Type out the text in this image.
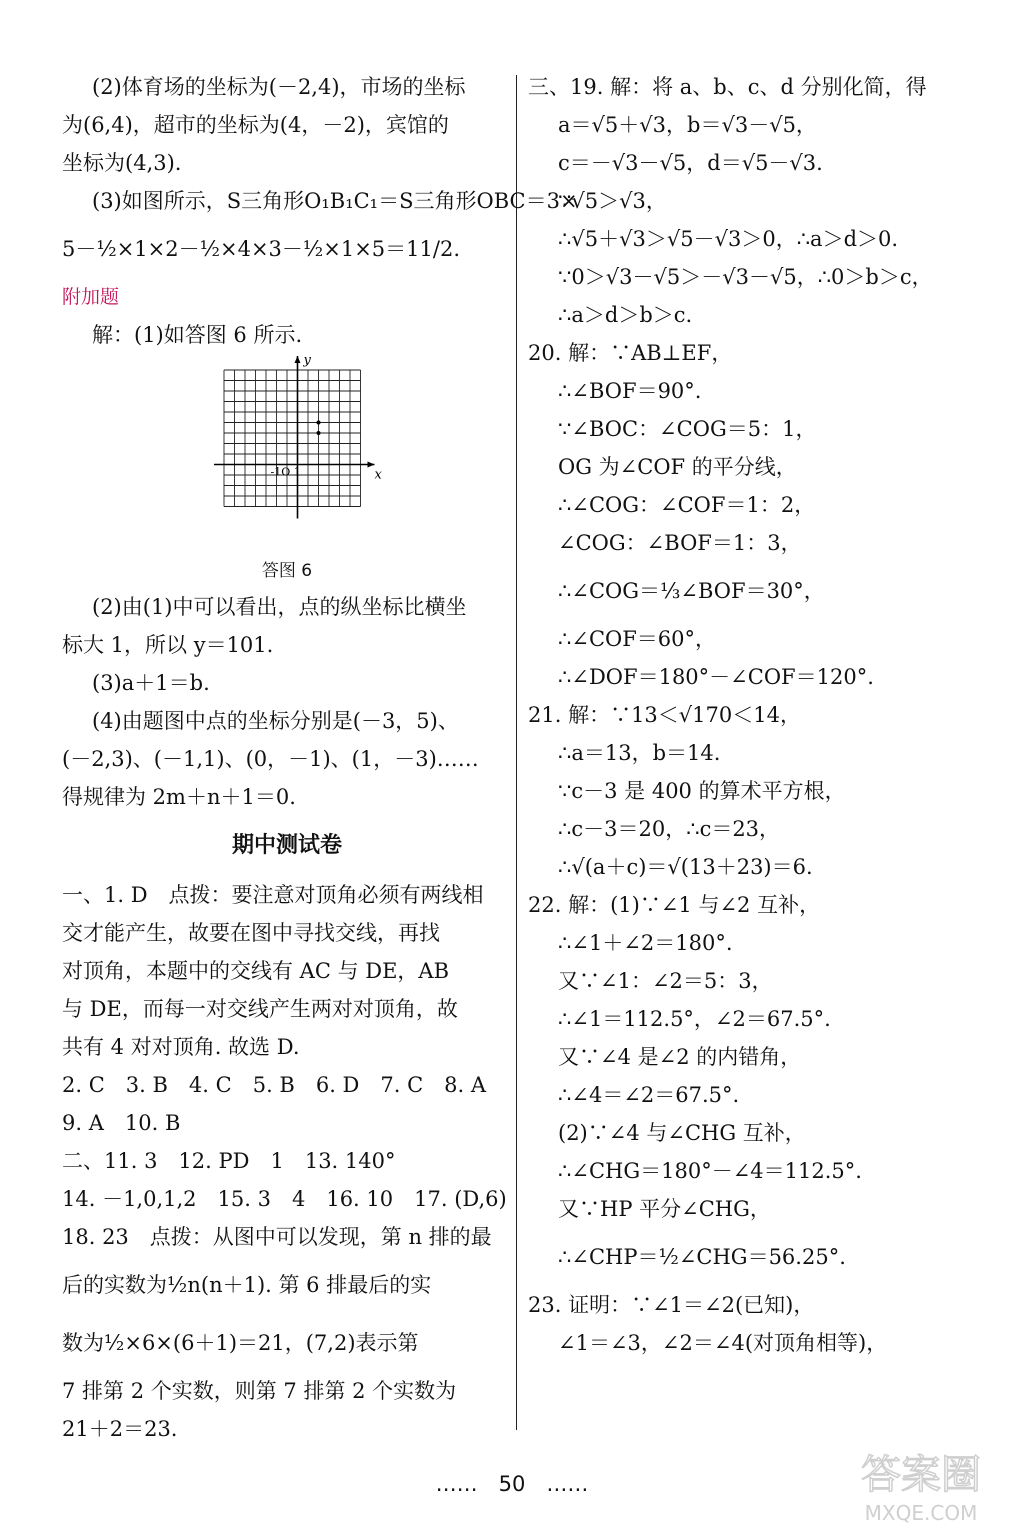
(2)体育场的坐标为(－2,4)，市场的坐标
为(6,4)，超市的坐标为(4，－2)，宾馆的
坐标为(4,3).
(3)如图所示，S三角形O₁B₁C₁＝S三角形OBC＝3×
5－½×1×2－½×4×3－½×1×5＝11/2.
附加题
解：(1)如答图 6 所示.
x
y
-1O 1
答图 6
(2)由(1)中可以看出，点的纵坐标比横坐
标大 1，所以 y＝101.
(3)a＋1＝b.
(4)由题图中点的坐标分别是(－3，5)、
(－2,3)、(－1,1)、(0，－1)、(1，－3)……
得规律为 2m＋n＋1＝0.
期中测试卷
一、1. D　点拨：要注意对顶角必须有两线相
交才能产生，故要在图中寻找交线，再找
对顶角，本题中的交线有 AC 与 DE，AB
与 DE，而每一对交线产生两对对顶角，故
共有 4 对对顶角. 故选 D.
2. C　3. B　4. C　5. B　6. D　7. C　8. A
9. A　10. B
二、11. 3　12. PD　1　13. 140°
14. －1,0,1,2　15. 3　4　16. 10　17. (D,6)
18. 23　点拨：从图中可以发现，第 n 排的最
后的实数为½n(n＋1). 第 6 排最后的实
数为½×6×(6＋1)＝21，(7,2)表示第
7 排第 2 个实数，则第 7 排第 2 个实数为
21＋2＝23.
三、19. 解：将 a、b、c、d 分别化简，得
a＝√5＋√3，b＝√3－√5，
c＝－√3－√5，d＝√5－√3.
∵√5＞√3，
∴√5＋√3＞√5－√3＞0，∴a＞d＞0.
∵0＞√3－√5＞－√3－√5，∴0＞b＞c，
∴a＞d＞b＞c.
20. 解：∵AB⊥EF，
∴∠BOF＝90°.
∵∠BOC：∠COG＝5：1，
OG 为∠COF 的平分线，
∴∠COG：∠COF＝1：2，
∠COG：∠BOF＝1：3，
∴∠COG＝⅓∠BOF＝30°，
∴∠COF＝60°，
∴∠DOF＝180°－∠COF＝120°.
21. 解：∵13＜√170＜14，
∴a＝13，b＝14.
∵c－3 是 400 的算术平方根，
∴c－3＝20，∴c＝23，
∴√(a＋c)＝√(13＋23)＝6.
22. 解：(1)∵∠1 与∠2 互补，
∴∠1＋∠2＝180°.
又∵∠1：∠2＝5：3，
∴∠1＝112.5°，∠2＝67.5°.
又∵∠4 是∠2 的内错角，
∴∠4＝∠2＝67.5°.
(2)∵∠4 与∠CHG 互补，
∴∠CHG＝180°－∠4＝112.5°.
又∵HP 平分∠CHG，
∴∠CHP＝½∠CHG＝56.25°.
23. 证明：∵∠1＝∠2(已知)，
∠1＝∠3，∠2＝∠4(对顶角相等)，
……　50　……	答案圈
MXQE.COM
